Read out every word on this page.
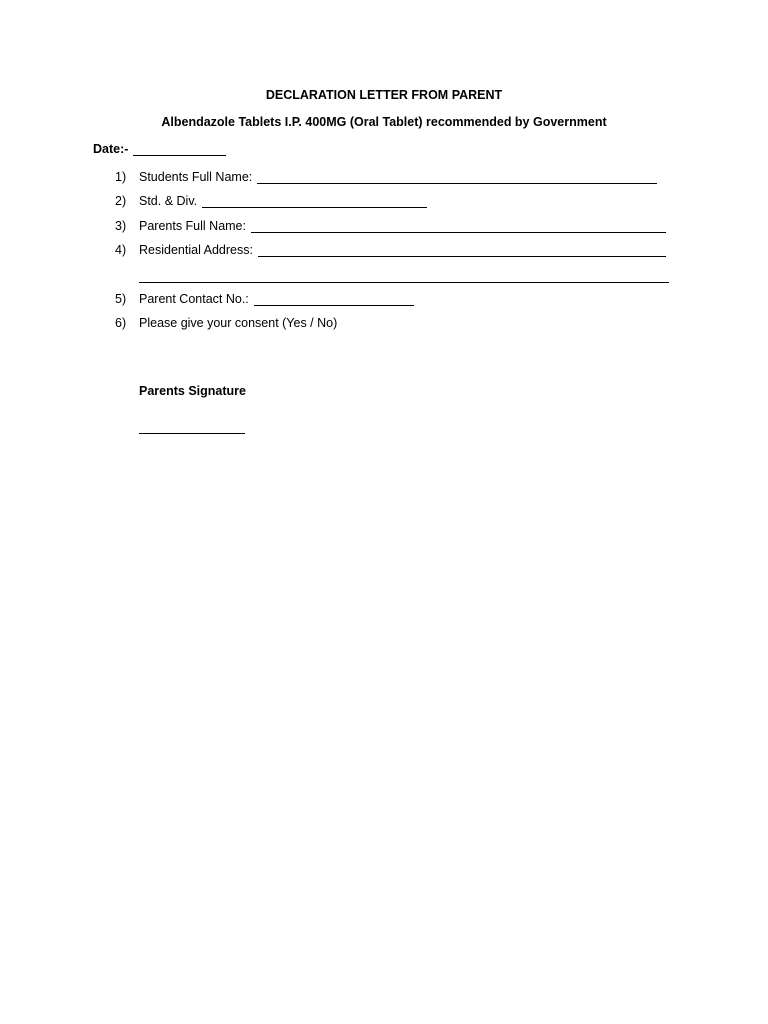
DECLARATION LETTER FROM PARENT
Albendazole Tablets I.P. 400MG (Oral Tablet) recommended by Government
Date:-
1)	Students Full Name:
2)	Std. & Div.
3)	Parents Full Name:
4)	Residential Address:
5)	Parent Contact No.:
6)	Please give your consent (Yes / No)
Parents Signature
